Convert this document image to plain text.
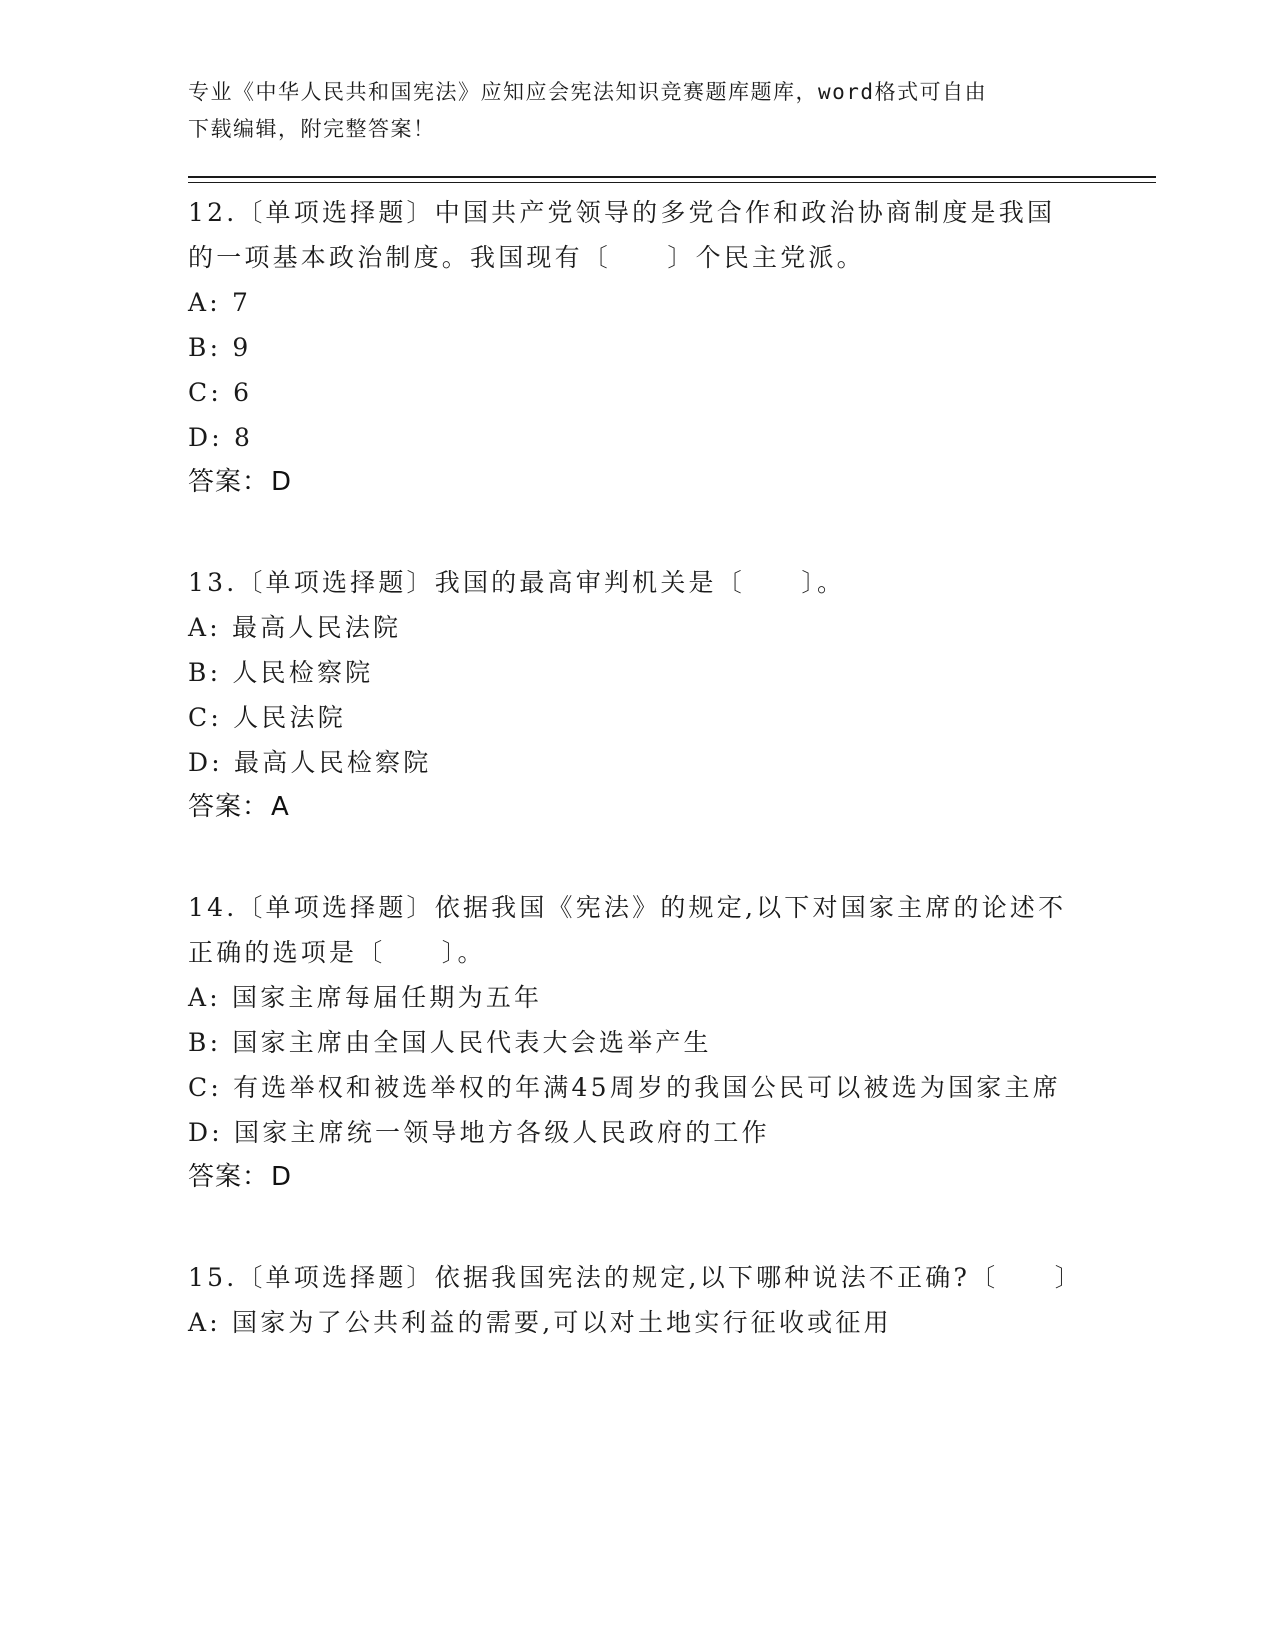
专业《中华人民共和国宪法》应知应会宪法知识竞赛题库题库，word格式可自由
下载编辑，附完整答案！

12.〔单项选择题〕中国共产党领导的多党合作和政治协商制度是我国的一项基本政治制度。我国现有〔　　〕个民主党派。

A: 7

B: 9

C: 6

D: 8

答案：D

13.〔单项选择题〕我国的最高审判机关是〔　　〕。

A: 最高人民法院

B: 人民检察院

C: 人民法院

D: 最高人民检察院

答案：A

14.〔单项选择题〕依据我国《宪法》的规定,以下对国家主席的论述不正确的选项是〔　　〕。

A: 国家主席每届任期为五年

B: 国家主席由全国人民代表大会选举产生

C: 有选举权和被选举权的年满45周岁的我国公民可以被选为国家主席

D: 国家主席统一领导地方各级人民政府的工作

答案：D

15.〔单项选择题〕依据我国宪法的规定,以下哪种说法不正确?〔　　〕

A: 国家为了公共利益的需要,可以对土地实行征收或征用
